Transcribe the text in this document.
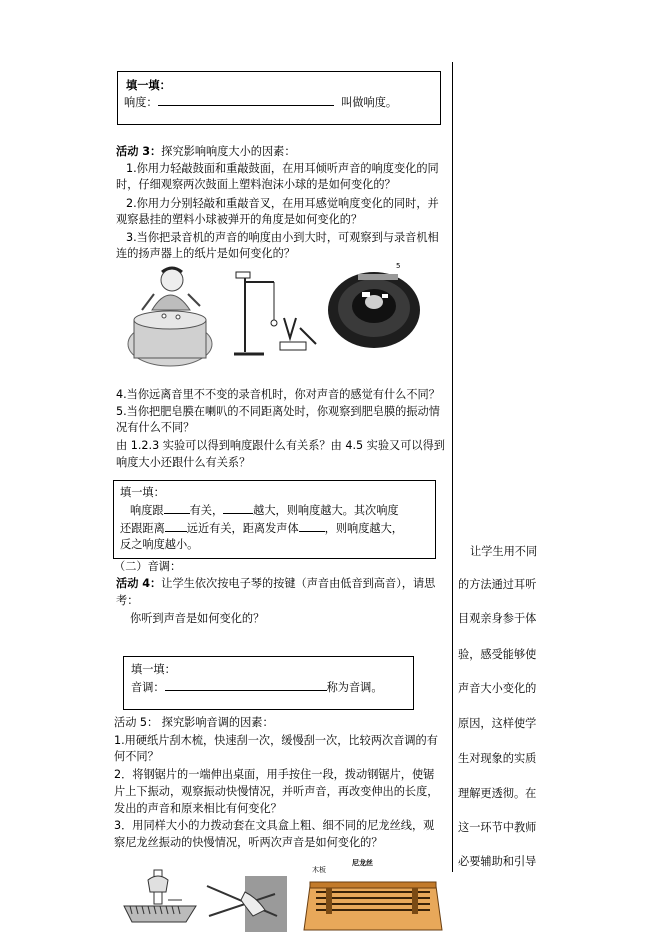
填一填：
响度：	叫做响度。
活动 3：探究影响响度大小的因素：
1.你用力轻敲鼓面和重敲鼓面，在用耳倾听声音的响度变化的同
时，仔细观察两次鼓面上塑料泡沫小球的是如何变化的？
2.你用力分别轻敲和重敲音叉，在用耳感觉响度变化的同时，并
观察悬挂的塑料小球被弹开的角度是如何变化的？
3.当你把录音机的声音的响度由小到大时，可观察到与录音机相
连的扬声器上的纸片是如何变化的？
5
4.当你远离音里不不变的录音机时，你对声音的感觉有什么不同？
5.当你把肥皂膜在喇叭的不同距离处时，你观察到肥皂膜的振动情
况有什么不同？
由 1.2.3 实验可以得到响度跟什么有关系？由 4.5 实验又可以得到
响度大小还跟什么有关系？
填一填：
响度跟 有关，	越大，则响度越大。其次响度
还跟距离 远近有关，距离发声体 ，则响度越大，
反之响度越小。
（二）音调：
活动 4：让学生依次按电子琴的按键（声音由低音到高音），请思
考：
你听到声音是如何变化的？
填一填：
音调：	称为音调。
活动 5： 探究影响音调的因素：
1.用硬纸片刮木梳，快速刮一次，缓慢刮一次，比较两次音调的有
何不同？
2．将钢锯片的一端伸出桌面，用手按住一段，拨动钢锯片，使锯
片上下振动，观察振动快慢情况，并听声音，再改变伸出的长度，
发出的声音和原来相比有何变化？
3．用同样大小的力拨动套在文具盒上粗、细不同的尼龙丝线，观
察尼龙丝振动的快慢情况，听两次声音是如何变化的？
木板
尼龙丝
让学生用不同
的方法通过耳听
目观亲身参于体
验，感受能够使
声音大小变化的
原因，这样使学
生对现象的实质
理解更透彻。在
这一环节中教师
必要辅助和引导
